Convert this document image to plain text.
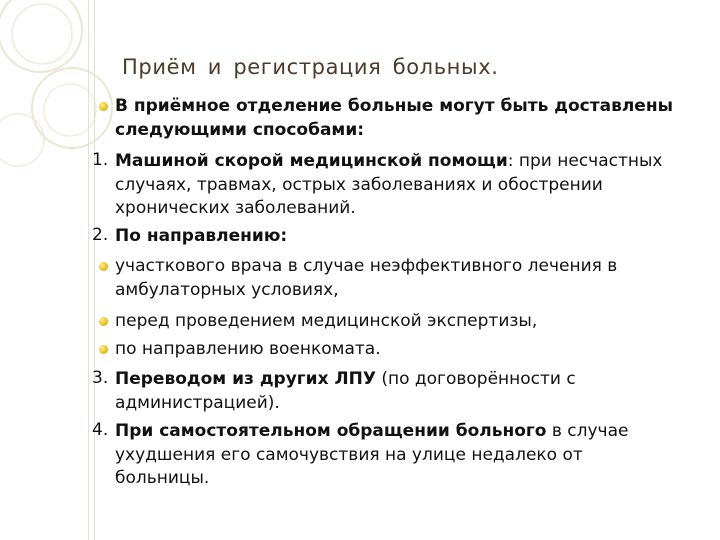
Приём и регистрация больных.
В приёмное отделение больные могут быть доставлены следующими способами:
1. Машиной скорой медицинской помощи: при несчастных случаях, травмах, острых заболеваниях и обострении хронических заболеваний.
2. По направлению:
участкового врача в случае неэффективного лечения в амбулаторных условиях,
перед проведением медицинской экспертизы,
по направлению военкомата.
3. Переводом из других ЛПУ (по договорённости с администрацией).
4. При самостоятельном обращении больного в случае ухудшения его самочувствия на улице недалеко от больницы.
